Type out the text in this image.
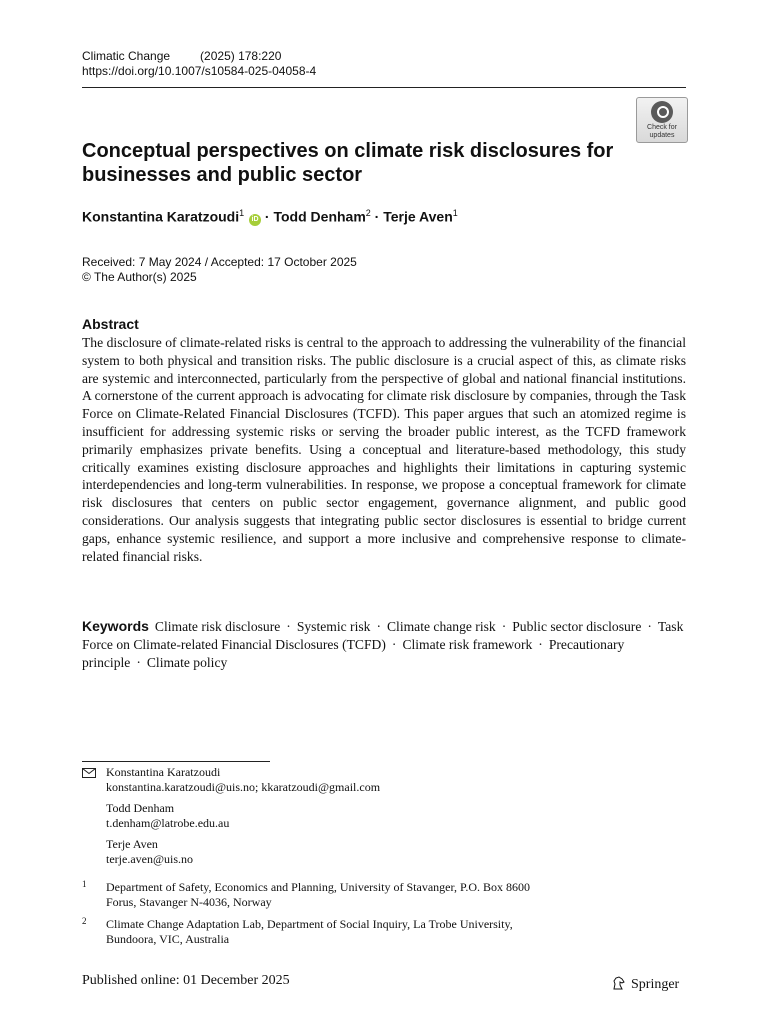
Climatic Change	(2025) 178:220
https://doi.org/10.1007/s10584-025-04058-4
Check for
updates
Conceptual perspectives on climate risk disclosures for businesses and public sector
Konstantina Karatzoudi$^1$ iD · Todd Denham$^2$ · Terje Aven$^1$
Received: 7 May 2024 / Accepted: 17 October 2025
© The Author(s) 2025
Abstract
The disclosure of climate-related risks is central to the approach to addressing the vulnerability of the financial system to both physical and transition risks. The public disclosure is a crucial aspect of this, as climate risks are systemic and interconnected, particularly from the perspective of global and national financial institutions. A cornerstone of the current approach is advocating for climate risk disclosure by companies, through the Task Force on Climate-Related Financial Disclosures (TCFD). This paper argues that such an atomized regime is insufficient for addressing systemic risks or serving the broader public interest, as the TCFD framework primarily emphasizes private benefits. Using a conceptual and literature-based methodology, this study critically examines existing disclosure approaches and highlights their limitations in capturing systemic interdependencies and long-term vulnerabilities. In response, we propose a conceptual framework for climate risk disclosures that centers on public sector engagement, governance alignment, and public good considerations. Our analysis suggests that integrating public sector disclosures is essential to bridge current gaps, enhance systemic resilience, and support a more inclusive and comprehensive response to climate-related financial risks.
Keywords Climate risk disclosure · Systemic risk · Climate change risk · Public sector disclosure · Task Force on Climate-related Financial Disclosures (TCFD) · Climate risk framework · Precautionary principle · Climate policy
Konstantina Karatzoudi
konstantina.karatzoudi@uis.no; kkaratzoudi@gmail.com
Todd Denham
t.denham@latrobe.edu.au
Terje Aven
terje.aven@uis.no
1 Department of Safety, Economics and Planning, University of Stavanger, P.O. Box 8600
Forus, Stavanger N-4036, Norway
2 Climate Change Adaptation Lab, Department of Social Inquiry, La Trobe University,
Bundoora, VIC, Australia
Published online: 01 December 2025	Springer
